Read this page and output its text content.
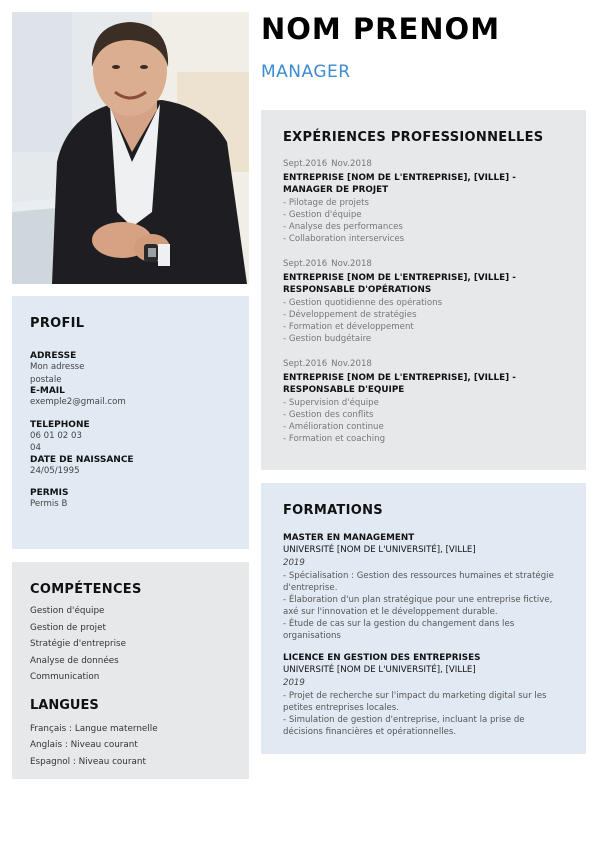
NOM PRENOM
MANAGER
PROFIL
ADRESSE
Mon adresse postale
E-MAIL
exemple2@gmail.com
TELEPHONE
06 01 02 03 04
DATE DE NAISSANCE
24/05/1995
PERMIS
Permis B
COMPÉTENCES
Gestion d'équipe
Gestion de projet
Stratégie d'entreprise
Analyse de données
Communication
LANGUES
Français : Langue maternelle
Anglais : Niveau courant
Espagnol : Niveau courant
EXPÉRIENCES PROFESSIONNELLES
Sept.2016 Nov.2018
ENTREPRISE [NOM DE L'ENTREPRISE], [VILLE] - MANAGER DE PROJET
- Pilotage de projets
- Gestion d'équipe
- Analyse des performances
- Collaboration interservices
Sept.2016 Nov.2018
ENTREPRISE [NOM DE L'ENTREPRISE], [VILLE] - RESPONSABLE D'OPÉRATIONS
- Gestion quotidienne des opérations
- Développement de stratégies
- Formation et développement
- Gestion budgétaire
Sept.2016 Nov.2018
ENTREPRISE [NOM DE L'ENTREPRISE], [VILLE] - RESPONSABLE D'EQUIPE
- Supervision d'équipe
- Gestion des conflits
- Amélioration continue
- Formation et coaching
FORMATIONS
MASTER EN MANAGEMENT
UNIVERSITÉ [NOM DE L'UNIVERSITÉ], [VILLE]
2019
- Spécialisation : Gestion des ressources humaines et stratégie d'entreprise.
- Élaboration d'un plan stratégique pour une entreprise fictive, axé sur l'innovation et le développement durable.
- Étude de cas sur la gestion du changement dans les organisations
LICENCE EN GESTION DES ENTREPRISES
UNIVERSITÉ [NOM DE L'UNIVERSITÉ], [VILLE]
2019
- Projet de recherche sur l'impact du marketing digital sur les petites entreprises locales.
- Simulation de gestion d'entreprise, incluant la prise de décisions financières et opérationnelles.
